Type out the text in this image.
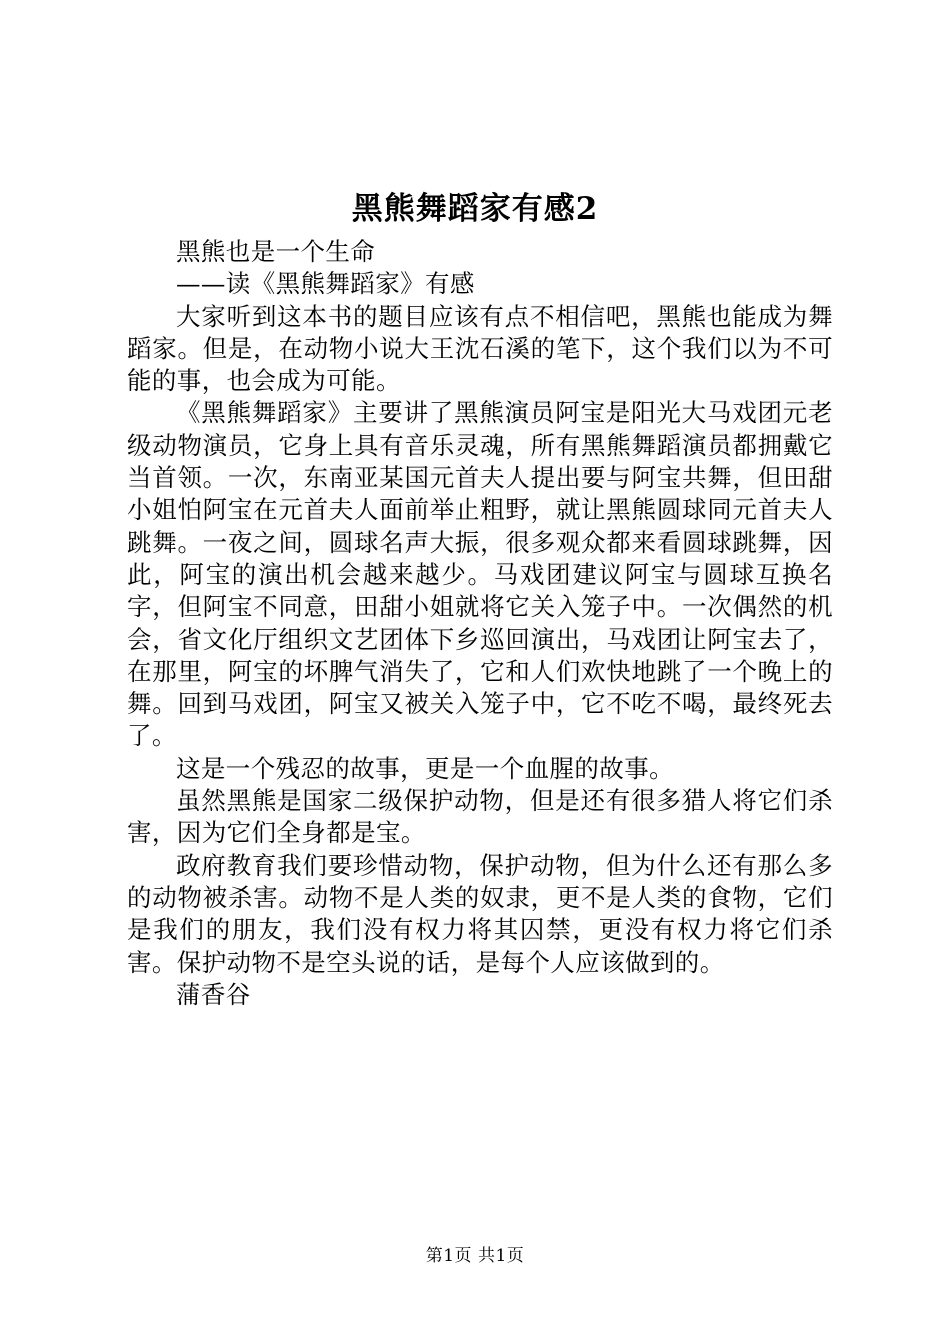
黑熊舞蹈家有感2

黑熊也是一个生命

——读《黑熊舞蹈家》有感

大家听到这本书的题目应该有点不相信吧，黑熊也能成为舞蹈家。但是，在动物小说大王沈石溪的笔下，这个我们以为不可能的事，也会成为可能。

《黑熊舞蹈家》主要讲了黑熊演员阿宝是阳光大马戏团元老级动物演员，它身上具有音乐灵魂，所有黑熊舞蹈演员都拥戴它当首领。一次，东南亚某国元首夫人提出要与阿宝共舞，但田甜小姐怕阿宝在元首夫人面前举止粗野，就让黑熊圆球同元首夫人跳舞。一夜之间，圆球名声大振，很多观众都来看圆球跳舞，因此，阿宝的演出机会越来越少。马戏团建议阿宝与圆球互换名字，但阿宝不同意，田甜小姐就将它关入笼子中。一次偶然的机会，省文化厅组织文艺团体下乡巡回演出，马戏团让阿宝去了，在那里，阿宝的坏脾气消失了，它和人们欢快地跳了一个晚上的舞。回到马戏团，阿宝又被关入笼子中，它不吃不喝，最终死去了。

这是一个残忍的故事，更是一个血腥的故事。

虽然黑熊是国家二级保护动物，但是还有很多猎人将它们杀害，因为它们全身都是宝。

政府教育我们要珍惜动物，保护动物，但为什么还有那么多的动物被杀害。动物不是人类的奴隶，更不是人类的食物，它们是我们的朋友，我们没有权力将其囚禁，更没有权力将它们杀害。保护动物不是空头说的话，是每个人应该做到的。

蒲香谷

第1页 共1页
